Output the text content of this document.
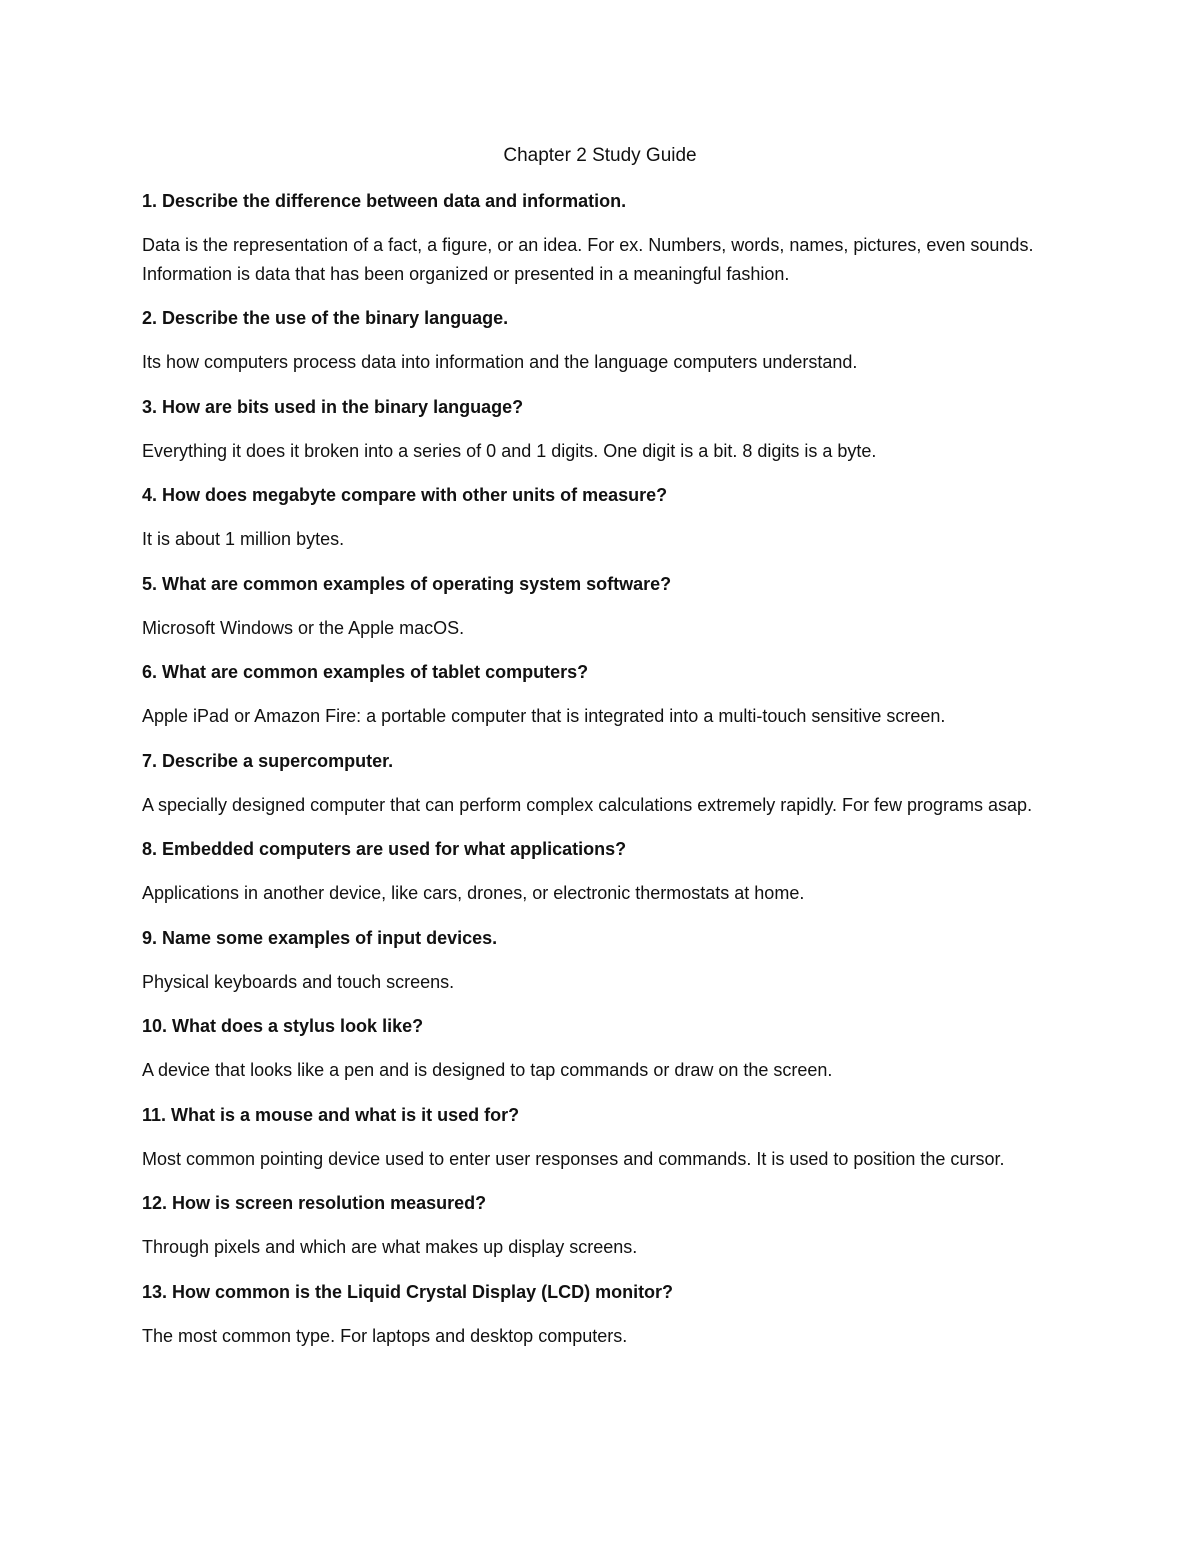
Chapter 2 Study Guide

1. Describe the difference between data and information.

Data is the representation of a fact, a figure, or an idea. For ex. Numbers, words, names, pictures, even sounds. Information is data that has been organized or presented in a meaningful fashion.

2. Describe the use of the binary language.

Its how computers process data into information and the language computers understand.

3. How are bits used in the binary language?

Everything it does it broken into a series of 0 and 1 digits. One digit is a bit. 8 digits is a byte.

4. How does megabyte compare with other units of measure?

It is about 1 million bytes.

5. What are common examples of operating system software?

Microsoft Windows or the Apple macOS.

6. What are common examples of tablet computers?

Apple iPad or Amazon Fire: a portable computer that is integrated into a multi-touch sensitive screen.

7. Describe a supercomputer.

A specially designed computer that can perform complex calculations extremely rapidly. For few programs asap.

8. Embedded computers are used for what applications?

Applications in another device, like cars, drones, or electronic thermostats at home.

9. Name some examples of input devices.

Physical keyboards and touch screens.

10. What does a stylus look like?

A device that looks like a pen and is designed to tap commands or draw on the screen.

11. What is a mouse and what is it used for?

Most common pointing device used to enter user responses and commands. It is used to position the cursor.

12. How is screen resolution measured?

Through pixels and which are what makes up display screens.

13. How common is the Liquid Crystal Display (LCD) monitor?

The most common type. For laptops and desktop computers.
